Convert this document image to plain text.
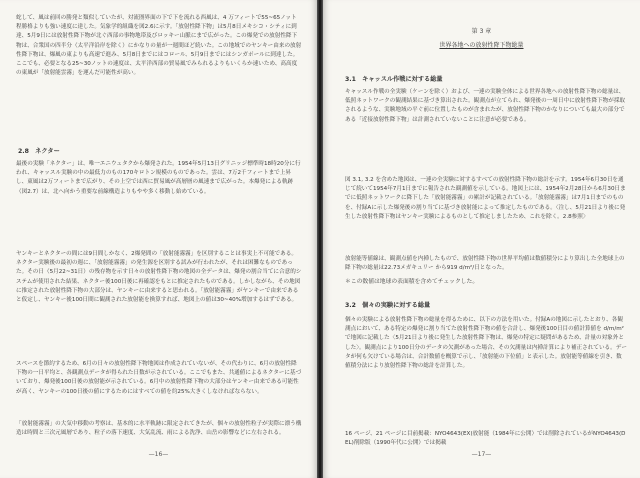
蛇して、風は前回の勝発と類似していたが、対流圏界面の下で下を流れる西風は、4 万フィートで55~65ノット程勝格よりも強い速度に達した。気象学的組織を図2.6に示す。「放射性降下物」は5月8日メキシコ・シティに到達、5月9日には放射性降下物が北ぐ西部の事物地帯及びロッキー山脈にまで広がった。この爆発での放射性降下物は、合衆国の四半分（太平洋沿岸を除く）にかなりの量が一週間ほど続いた。この地域でのヤンキー由来の放射性降下物は、爆風の東よりも高速で進み、5月8日までにはコロール、5月9日までにはシンガポールに到達した。ここでも、必要となる25~30ノットの速度は、太平洋西部の貿易風でみられるよりもいくらか速いため、高高度の東風が「放射能雲霧」を運んだ可能性が高い。
2.8　ネクター
最後の実験「ネクター」は、唯一エニウェタクから爆発された。1954年5月13日グリニッジ標準時18時20分に行われ、キャッスル実験の中の最低力のもの170キロトン規模のものであった。雲は、7万2千フィートまで上昇し、東風は2万フィートまで広がり、その上空では西に貿易風が高層層の風速まで広がった。本爆発による軌跡（図2.7）は、北へ向かう重要な前線構造よりもやや多く移動し始めている。
ヤンキーとネクターの間には9日間しかなく、2爆発間の「放射能霧霧」を区別することは事実上不可能である。ネクター実験後の最初の週に、「放射能霧霧」の発生源を区別する試みが行われたが、それは困難なものであった。その日（5月22~31日）の残存物を示す日々の放射性降下物の地図の全データは、爆発の割合当てに合意的システムが使用された結果、ネクター後100日後に再確認をもとに推定されたものである。しかしながら、その地図に推定された放射性降下物の大部分は、ヤンキーに由来すると思われる。「放射能霧霧」がヤンキーで由来であると仮定し、ヤンキー後100日間に観測された放射能を換算すれば、地図上の値は30~40%増加するはずである。
スペースを節約するため、6月の日々の放射性降下物地図は作成されていないが、その代わりに、6月の放射性降下物の一日平均と、各観測点データが得られた日数が示されている。ここでもまた、共通値によるネクターに基づいており、爆発後100日後の放射能が示されている。6月中の放射性降下物の大部分はヤンキー由来である可能性が高く、ヤンキーの100日後の値にするためにはすべての値を約25%大きくしなければならない。
「放射能霧霧」の大気中移動の考察は、基本的に水平軌跡に限定されてきたが、個々の放射性粒子が実際に漂う構造は時間と三次元風層であり、粒子の落下速度、大気乱流、雨による洗浄、山岳の影響などに左右される。
—16—
第 3 章
世界各地への放射性降下物総量
3.1　キャッスル作戦に対する総量
キャッスル作戦の全実験（ケーンを除く）および、一連の実験全体による世界各地への放射性降下物の総量は、低照ネットワークの観測結果に基づき算出された。観測点が立てられ、爆発後の一周日中に放射性降下物が採取されるような、実験地域の平ぐ前に位置したものが含まれたが、放射性降下物のかなりについても最大の部分である「近接放射性降下物」は計測されていないことに注意が必要である。
図 3.1, 3.2 を含めた地図は、一連の全実験に対するすべての放射性降下物の総計を示す。1954年6月30日を通じて続いて1954年7月1日までに報告された観測値を示している。地図上には、1954年2月28日から6月30日までに低照ネットワークに降下した「放射能霧霧」の累計が記載されている。「放射能霧霧」は7月1日までのものを、付録Aに示した爆発後の割り当てに基づき放射能によって推定したものである。〈注し、5月21日より後に発生した放射性降下物はヤンキー実験によるものとして推定しましたため、これを除く。2.8参照〉
放射能等値線は、観測点値を内挿したもので、放射性降下物の世界平均値は数値積分により算出した全地球上の降下物の総量は22.73メガキュリー から919 d/m²/日となった。
＊この数値は地球の表面積を含めてチェックした。
3.2　個々の実験に対する総量
個々の実験による放射性降下物の総量を得るために、以下の方法を用いた。付録Aの地図に示したとおり、各観測点において、ある特定の爆発に割り当てた放射性降下物の値を合計し、爆発後100日目の値計算値を d/m/m² で地図に記載した〈5月21日より後に発生した放射性降下物は、爆発の特定に疑問があるため、計量の対象外とした〉。観測点により100日分のデータの欠測があった場合、その欠測量は内挿計算により補正されている。データが何も欠けている場合は、合計数値を概算で示し、「放射能の下位値」と表示した。放射能等値線を引き、数値積分法により放射性降下物の総計を計算した。
16 ページ、21 ページに目前掲載：NYO4643(EX)放射能（1984年に公開）では削除されているがNYO4643(DEL)削除版（1990年代に公開）では掲載
—17—
